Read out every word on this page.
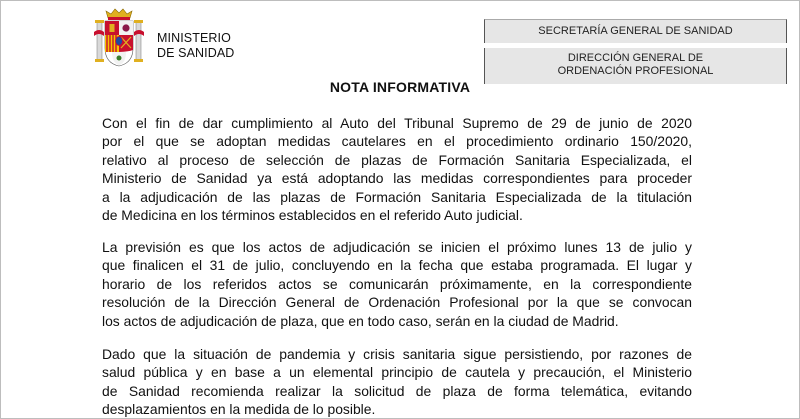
MINISTERIO
DE SANIDAD
SECRETARÍA GENERAL DE SANIDAD
DIRECCIÓN GENERAL DE
ORDENACIÓN PROFESIONAL
NOTA INFORMATIVA
Con el fin de dar cumplimiento al Auto del Tribunal Supremo de 29 de junio de 2020
por el que se adoptan medidas cautelares en el procedimiento ordinario 150/2020,
relativo al proceso de selección de plazas de Formación Sanitaria Especializada, el
Ministerio de Sanidad ya está adoptando las medidas correspondientes para proceder
a la adjudicación de las plazas de Formación Sanitaria Especializada de la titulación
de Medicina en los términos establecidos en el referido Auto judicial.
La previsión es que los actos de adjudicación se inicien el próximo lunes 13 de julio y
que finalicen el 31 de julio, concluyendo en la fecha que estaba programada. El lugar y
horario de los referidos actos se comunicarán próximamente, en la correspondiente
resolución de la Dirección General de Ordenación Profesional por la que se convocan
los actos de adjudicación de plaza, que en todo caso, serán en la ciudad de Madrid.
Dado que la situación de pandemia y crisis sanitaria sigue persistiendo, por razones de
salud pública y en base a un elemental principio de cautela y precaución, el Ministerio
de Sanidad recomienda realizar la solicitud de plaza de forma telemática, evitando
desplazamientos en la medida de lo posible.
